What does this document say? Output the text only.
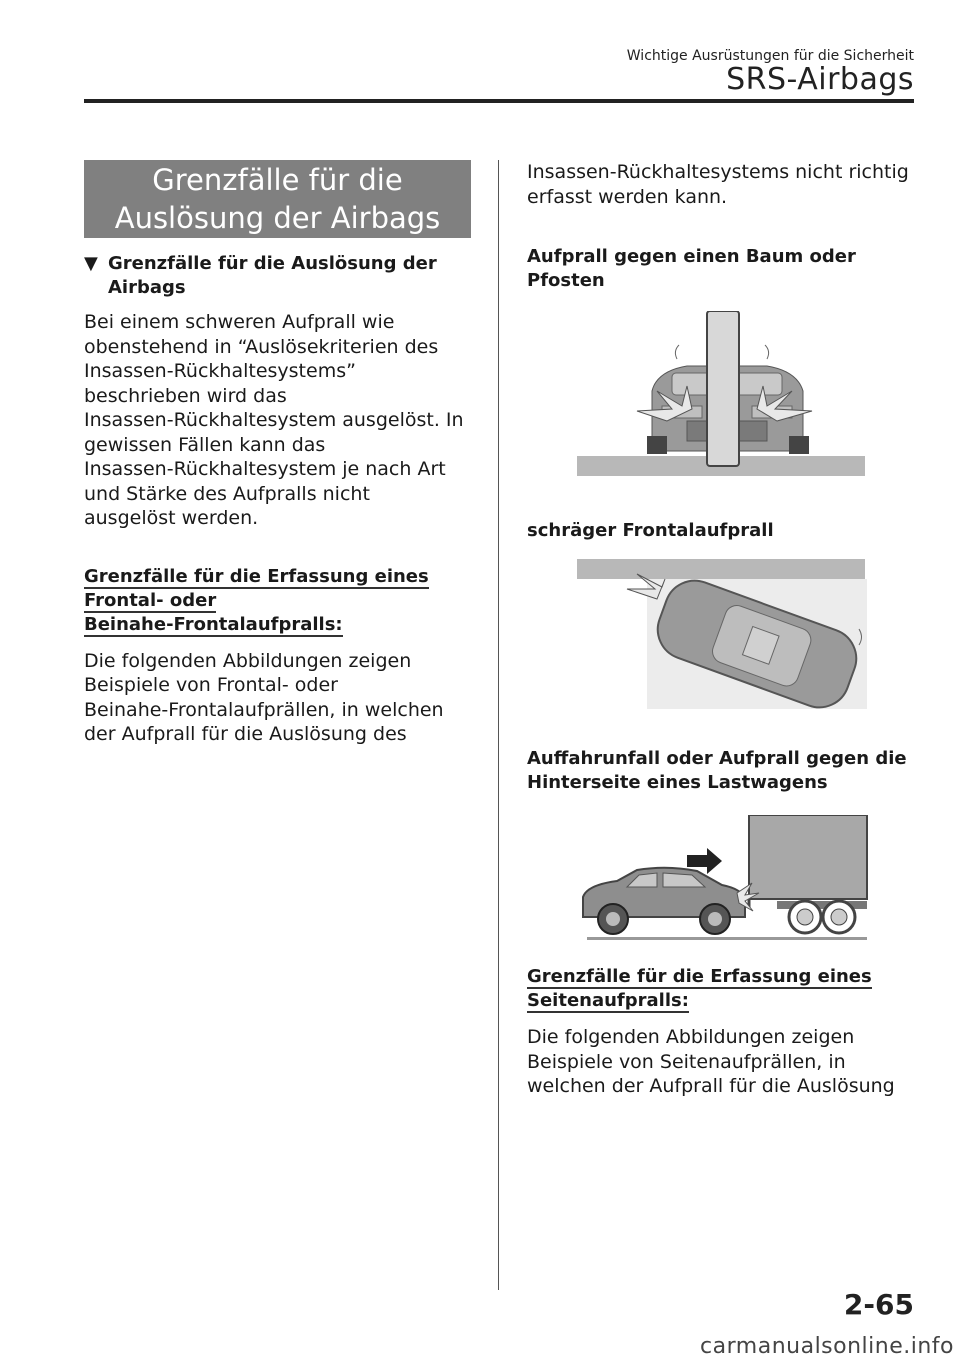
Wichtige Ausrüstungen für die Sicherheit
SRS-Airbags
Grenzfälle für die
Auslösung der Airbags
▼ Grenzfälle für die Auslösung der
Airbags

Bei einem schweren Aufprall wie
obenstehend in “Auslösekriterien des
Insassen-Rückhaltesystems”
beschrieben wird das
Insassen-Rückhaltesystem ausgelöst. In
gewissen Fällen kann das
Insassen-Rückhaltesystem je nach Art
und Stärke des Aufpralls nicht
ausgelöst werden.

Grenzfälle für die Erfassung eines
Frontal- oder
Beinahe-Frontalaufpralls:

Die folgenden Abbildungen zeigen
Beispiele von Frontal- oder
Beinahe-Frontalaufprällen, in welchen
der Aufprall für die Auslösung des

Insassen-Rückhaltesystems nicht richtig
erfasst werden kann.

Aufprall gegen einen Baum oder
Pfosten
schräger Frontalaufprall
Auffahrunfall oder Aufprall gegen die
Hinterseite eines Lastwagens
Grenzfälle für die Erfassung eines
Seitenaufpralls:

Die folgenden Abbildungen zeigen
Beispiele von Seitenaufprällen, in
welchen der Aufprall für die Auslösung

2-65
carmanualsonline.info
